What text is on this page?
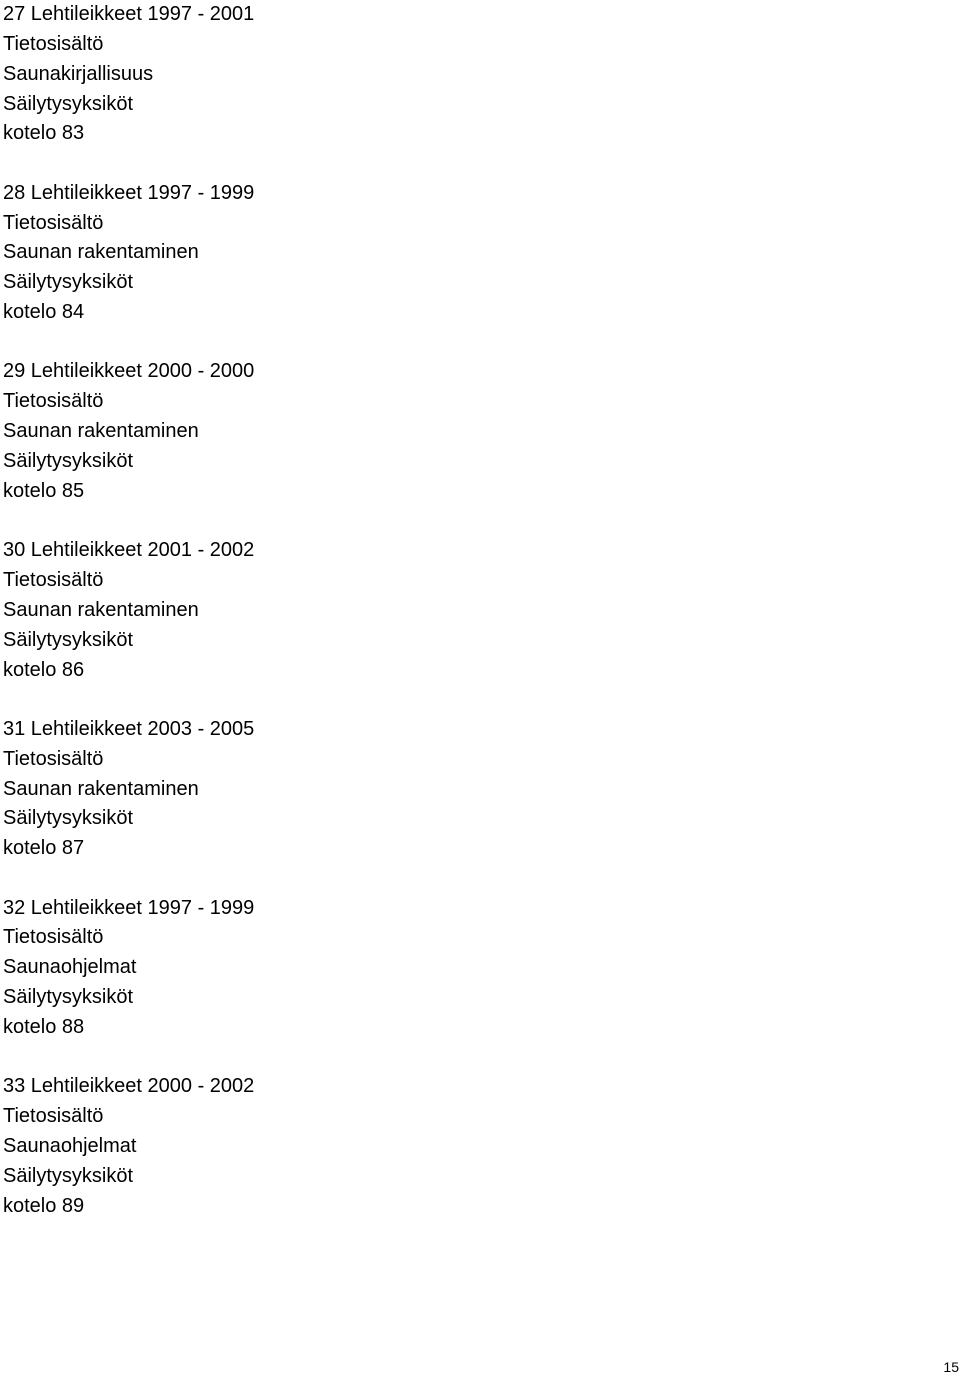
27 Lehtileikkeet 1997 - 2001
Tietosisältö
Saunakirjallisuus
Säilytysyksiköt
kotelo 83
28 Lehtileikkeet 1997 - 1999
Tietosisältö
Saunan rakentaminen
Säilytysyksiköt
kotelo 84
29 Lehtileikkeet 2000 - 2000
Tietosisältö
Saunan rakentaminen
Säilytysyksiköt
kotelo 85
30 Lehtileikkeet 2001 - 2002
Tietosisältö
Saunan rakentaminen
Säilytysyksiköt
kotelo 86
31 Lehtileikkeet 2003 - 2005
Tietosisältö
Saunan rakentaminen
Säilytysyksiköt
kotelo 87
32 Lehtileikkeet 1997 - 1999
Tietosisältö
Saunaohjelmat
Säilytysyksiköt
kotelo 88
33 Lehtileikkeet 2000 - 2002
Tietosisältö
Saunaohjelmat
Säilytysyksiköt
kotelo 89
15
